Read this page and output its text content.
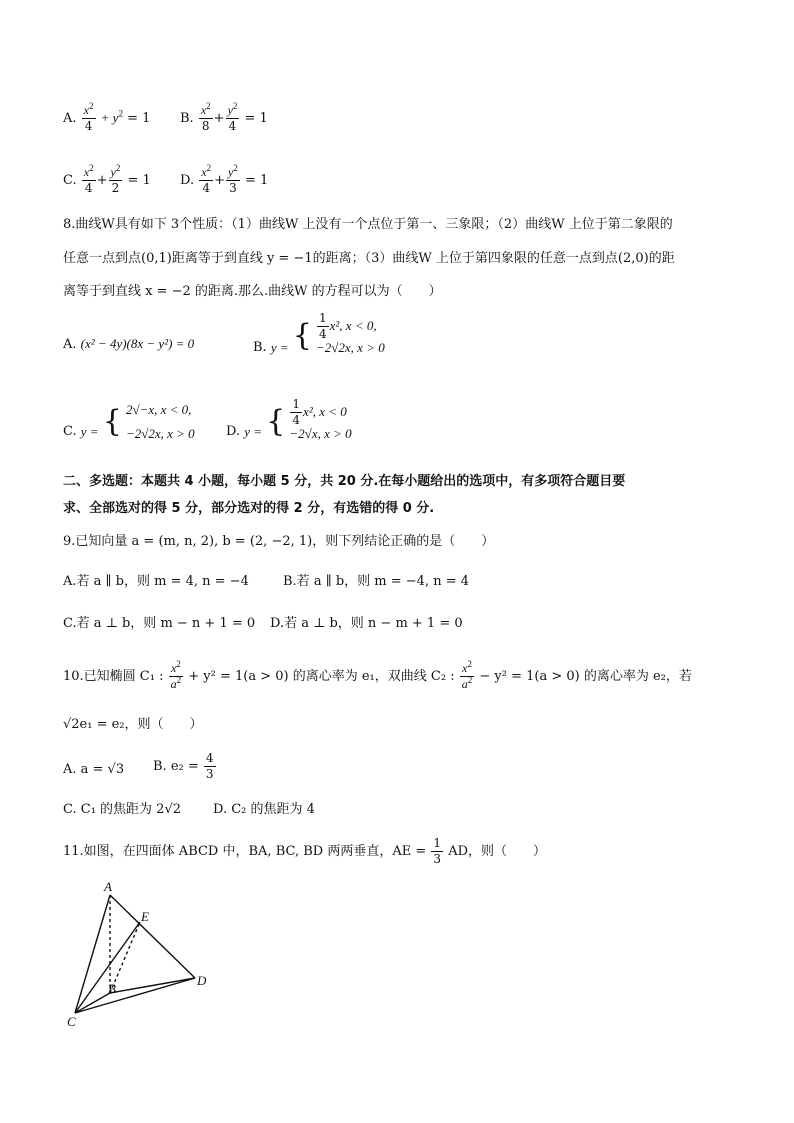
A. $\frac{x^2}{4} + y^2 = 1$ B. $\frac{x^2}{8} + \frac{y^2}{4} = 1$
C. $\frac{x^2}{4} + \frac{y^2}{2} = 1$ D. $\frac{x^2}{4} + \frac{y^2}{3} = 1$
8.曲线W具有如下 3个性质：（1）曲线W 上没有一个点位于第一、三象限；（2）曲线W 上位于第二象限的
任意一点到点(0,1)距离等于到直线 y = −1的距离；（3）曲线W 上位于第四象限的任意一点到点(2,0)的距
离等于到直线 x = −2 的距离.那么.曲线W 的方程可以为（　　）
A. (x² − 4y)(8x − y²) = 0	B. y = { $\frac{1}{4} x^2$, x < 0,
−2√2x, x > 0
C. y = { 2√−x, x < 0,
−2√2x, x > 0 D. y = { $\frac{1}{4} x^2$, x < 0
−2√x, x > 0
二、多选题：本题共 4 小题，每小题 5 分，共 20 分.在每小题给出的选项中，有多项符合题目要
求、全部选对的得 5 分，部分选对的得 2 分，有选错的得 0 分.
9.已知向量 a = (m, n, 2), b = (2, −2, 1)，则下列结论正确的是（　　）
A.若 a ∥ b，则 m = 4, n = −4	B.若 a ∥ b，则 m = −4, n = 4
C.若 a ⊥ b，则 m − n + 1 = 0 D.若 a ⊥ b，则 n − m + 1 = 0
10.已知椭圆 C₁ : $\frac{x^2}{a^2} + y^2 = 1(a > 0)$ 的离心率为 e₁，双曲线 C₂ : $\frac{x^2}{a^2} - y^2 = 1(a > 0)$ 的离心率为 e₂，若
√2e₁ = e₂，则（　　）
A. a = √3 B. $e_2 = \frac{4}{3}$
C. C₁ 的焦距为 2√2 D. C₂ 的焦距为 4
11.如图，在四面体 ABCD 中，BA, BC, BD 两两垂直，AE = $\frac{1}{3}$ AD，则（　　）
A
E
B
D
C
